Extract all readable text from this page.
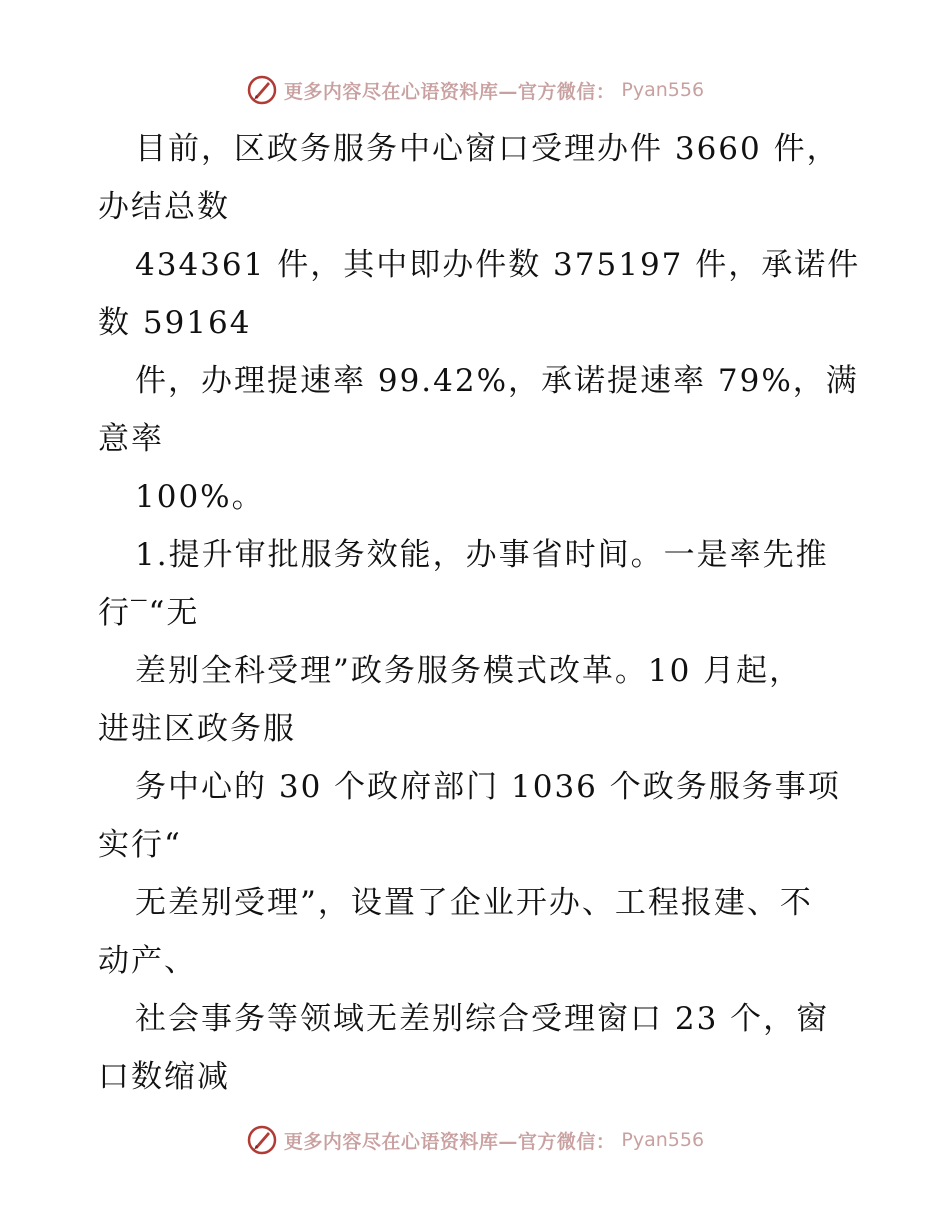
更多内容尽在心语资料库—官方微信： Pyan556
目前，区政务服务中心窗口受理办件 3660 件，
办结总数
434361 件，其中即办件数 375197 件，承诺件
数 59164
件，办理提速率 99.42%，承诺提速率 79%，满
意率
100%。
1.提升审批服务效能，办事省时间。一是率先推
行‾“无
差别全科受理”政务服务模式改革。10 月起，
进驻区政务服
务中心的 30 个政府部门 1036 个政务服务事项
实行“
无差别受理”，设置了企业开办、工程报建、不
动产、
社会事务等领域无差别综合受理窗口 23 个，窗
口数缩减
更多内容尽在心语资料库—官方微信： Pyan556
